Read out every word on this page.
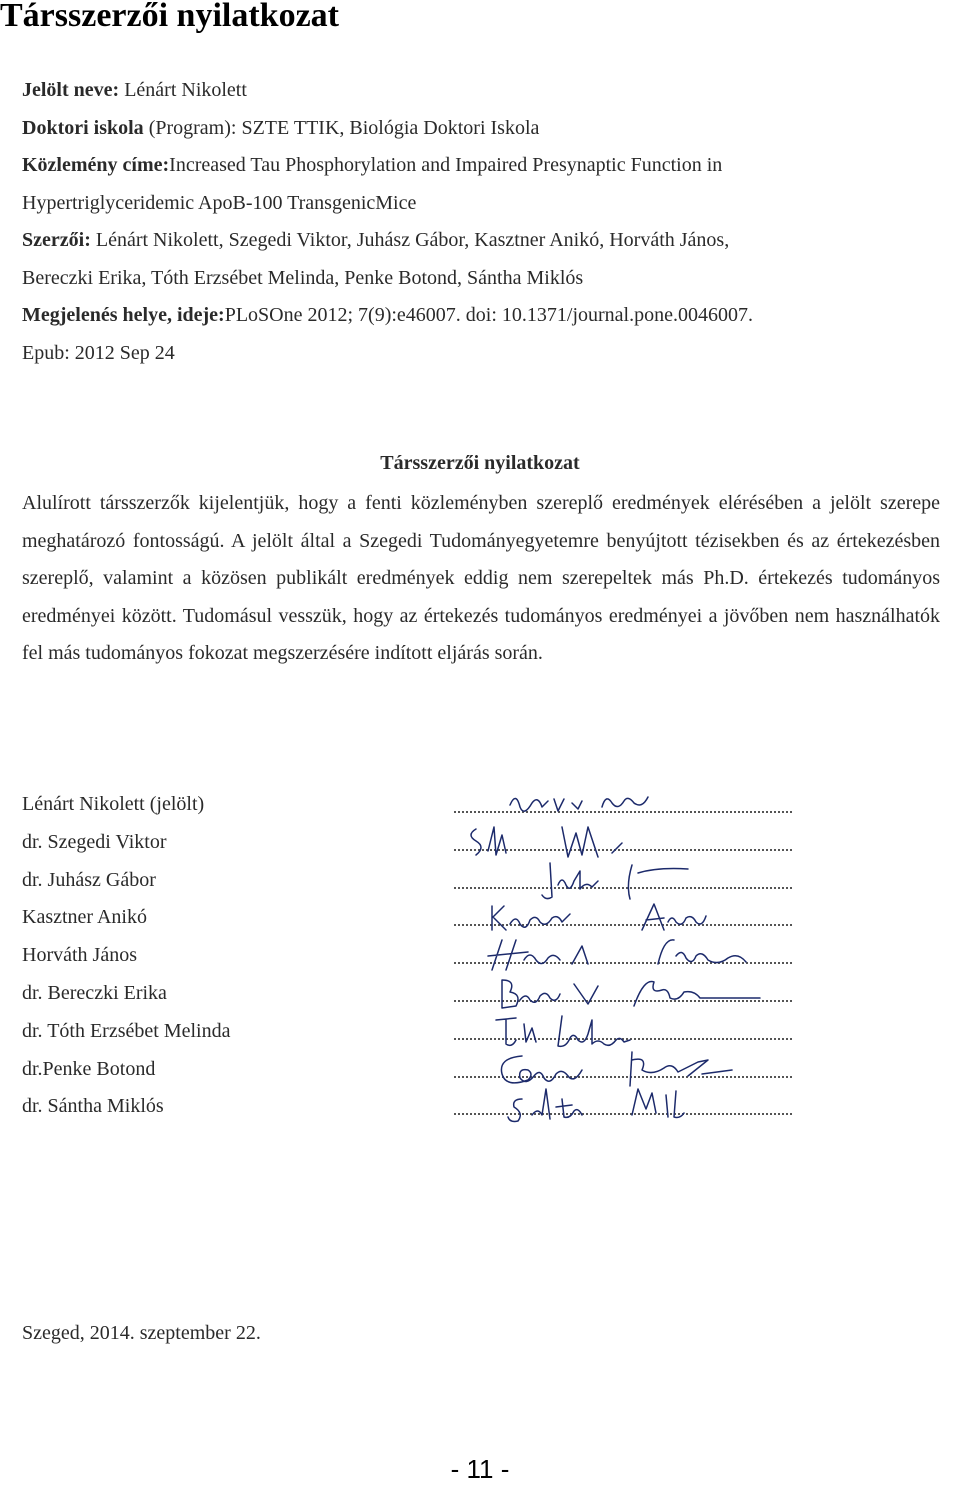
Társszerzői nyilatkozat
Jelölt neve: Lénárt Nikolett
Doktori iskola (Program): SZTE TTIK, Biológia Doktori Iskola
Közlemény címe:Increased Tau Phosphorylation and Impaired Presynaptic Function in
Hypertriglyceridemic ApoB-100 TransgenicMice
Szerzői: Lénárt Nikolett, Szegedi Viktor, Juhász Gábor, Kasztner Anikó, Horváth János,
Bereczki Erika, Tóth Erzsébet Melinda, Penke Botond, Sántha Miklós
Megjelenés helye, ideje:PLoSOne 2012; 7(9):e46007. doi: 10.1371/journal.pone.0046007.
Epub: 2012 Sep 24
Társszerzői nyilatkozat
Alulírott társszerzők kijelentjük, hogy a fenti közleményben szereplő eredmények elérésében a jelölt szerepe meghatározó fontosságú. A jelölt által a Szegedi Tudományegyetemre benyújtott tézisekben és az értekezésben szereplő, valamint a közösen publikált eredmények eddig nem szerepeltek más Ph.D. értekezés tudományos eredményei között. Tudomásul vesszük, hogy az értekezés tudományos eredményei a jövőben nem használhatók fel más tudományos fokozat megszerzésére indított eljárás során.
Lénárt Nikolett (jelölt)
dr. Szegedi Viktor
dr. Juhász Gábor
Kasztner Anikó
Horváth János
dr. Bereczki Erika
dr. Tóth Erzsébet Melinda
dr.Penke Botond
dr. Sántha Miklós
Szeged, 2014. szeptember 22.
- 11 -
